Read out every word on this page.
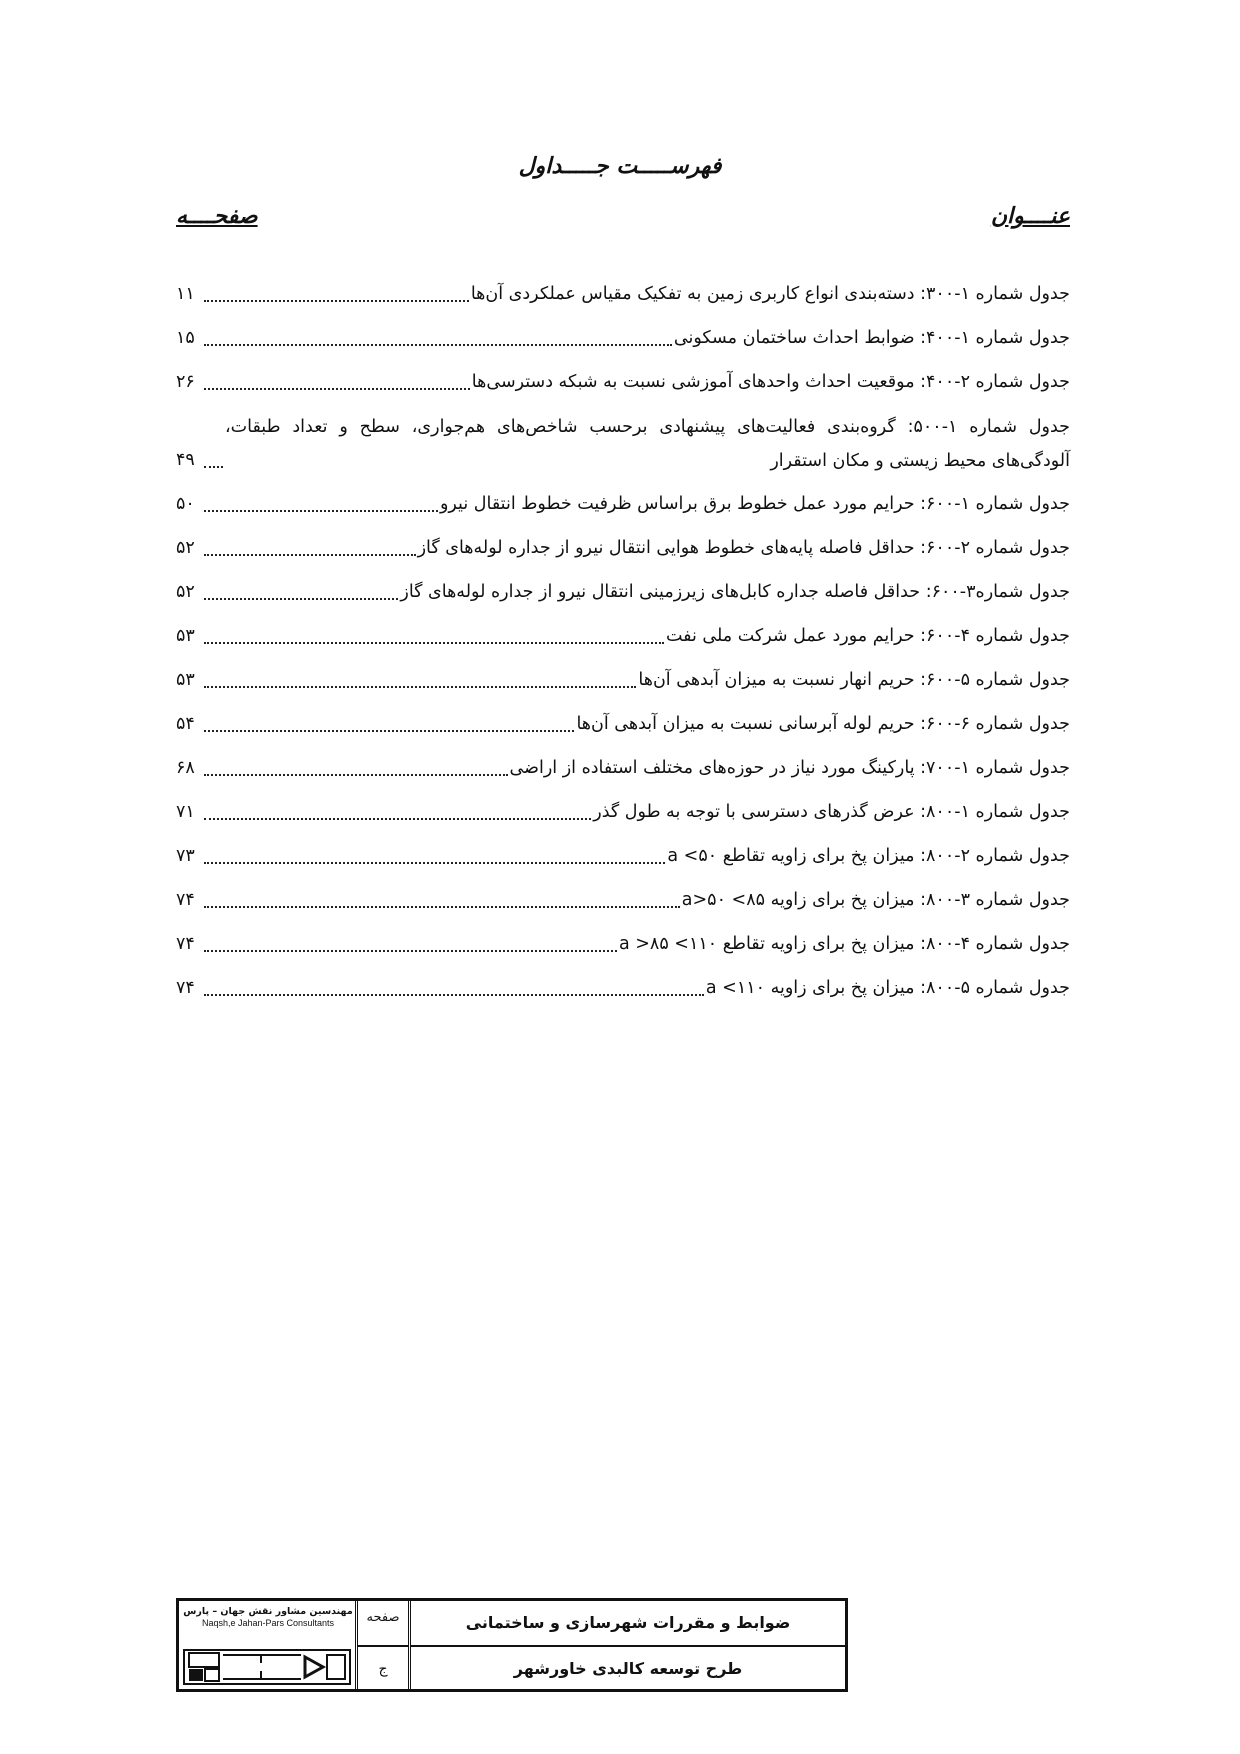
فهرســـــت جـــــداول
عنــــوان
صفحــــه
جدول شماره ۱-۳۰۰: دسته‌بندی انواع کاربری زمین به تفکیک مقیاس عملکردی آن‌ها
۱۱
جدول شماره ۱-۴۰۰: ضوابط احداث ساختمان مسکونی
۱۵
جدول شماره ۲-۴۰۰: موقعیت احداث واحدهای آموزشی نسبت به شبکه دسترسی‌ها
۲۶
جدول شماره ۱-۵۰۰: گروه‌بندی فعالیت‌های پیشنهادی برحسب شاخص‌های هم‌جواری، سطح و تعداد طبقات، آلودگی‌های محیط زیستی و مکان استقرار
۴۹
جدول شماره ۱-۶۰۰: حرایم مورد عمل خطوط برق براساس ظرفیت خطوط انتقال نیرو
۵۰
جدول شماره ۲-۶۰۰: حداقل فاصله پایه‌های خطوط هوایی انتقال نیرو از جداره لوله‌های گاز
۵۲
جدول شماره۳-۶۰۰: حداقل فاصله جداره کابل‌های زیرزمینی انتقال نیرو از جداره لوله‌های گاز
۵۲
جدول شماره ۴-۶۰۰: حرایم مورد عمل شرکت ملی نفت
۵۳
جدول شماره ۵-۶۰۰: حریم انهار نسبت به میزان آبدهی آن‌ها
۵۳
جدول شماره ۶-۶۰۰: حریم لوله آبرسانی نسبت به میزان آبدهی آن‌ها
۵۴
جدول شماره ۱-۷۰۰: پارکینگ مورد نیاز در حوزه‌های مختلف استفاده از اراضی
۶۸
جدول شماره ۱-۸۰۰: عرض گذرهای دسترسی با توجه به طول گذر
۷۱
جدول شماره ۲-۸۰۰: میزان پخ برای زاویه تقاطع ۵۰> a
۷۳
جدول شماره ۳-۸۰۰: میزان پخ برای زاویه ۸۵> a>۵۰
۷۴
جدول شماره ۴-۸۰۰: میزان پخ برای زاویه تقاطع ۱۱۰> a >۸۵
۷۴
جدول شماره ۵-۸۰۰: میزان پخ برای زاویه ۱۱۰> a
۷۴
ضوابط و مقررات شهرسازی و ساختمانی
طرح توسعه کالبدی خاورشهر
صفحه
ج
مهندسین مشاور نقش جهان – پارس
Naqsh,e Jahan-Pars Consultants
